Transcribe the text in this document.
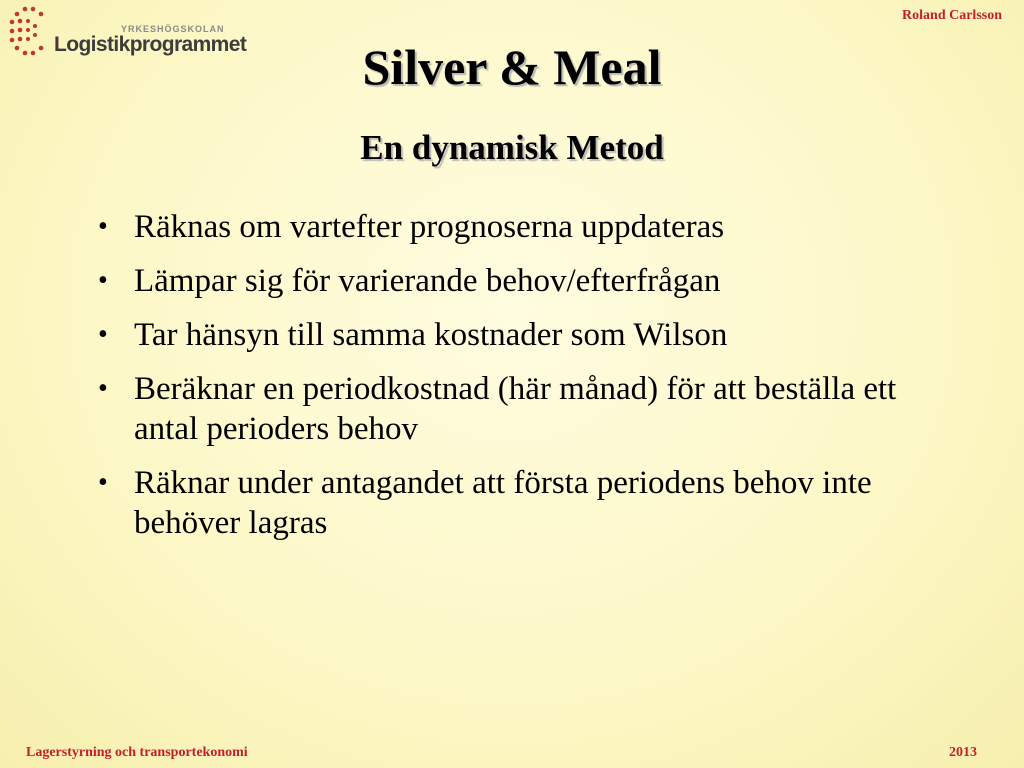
YRKESHÖGSKOLAN
Logistikprogrammet
Roland Carlsson
Silver & Meal
En dynamisk Metod
• Räknas om vartefter prognoserna uppdateras
• Lämpar sig för varierande behov/efterfrågan
• Tar hänsyn till samma kostnader som Wilson
• Beräknar en periodkostnad (här månad) för att beställa ett antal perioders behov
• Räknar under antagandet att första periodens behov inte behöver lagras
Lagerstyrning och transportekonomi	2013
